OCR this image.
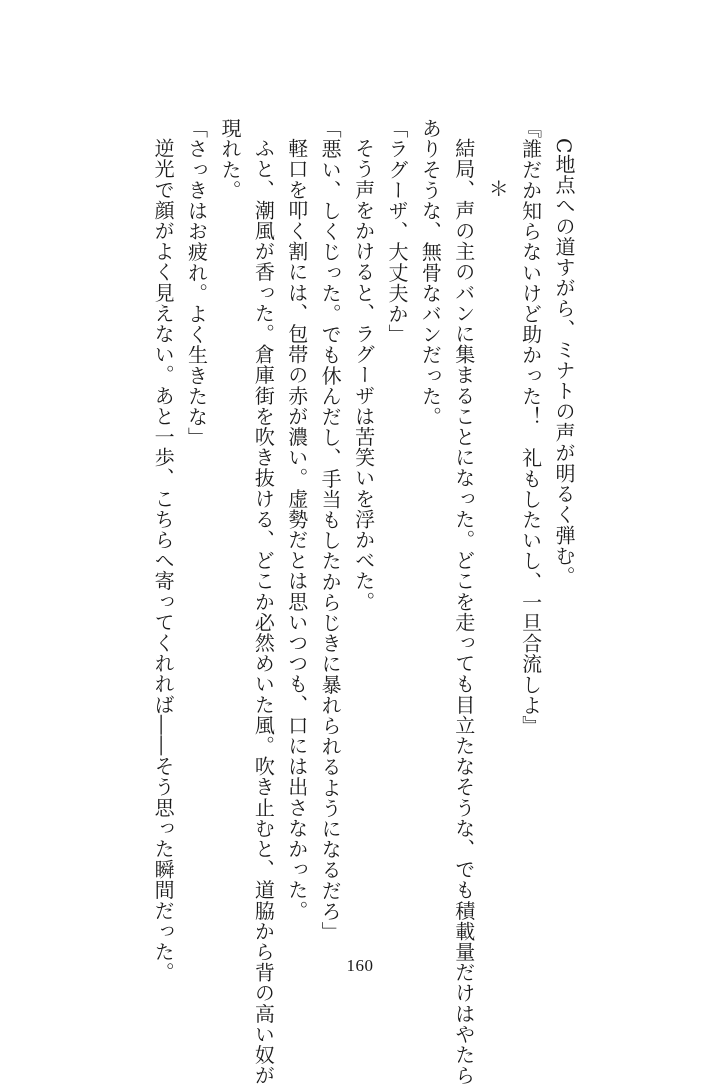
C地点への道すがら、ミナトの声が明るく弾む。
『誰だか知らないけど助かった！　礼もしたいし、一旦合流しよ』
＊
結局、声の主のバンに集まることになった。どこを走っても目立たなそうな、でも積載量だけはやたら
ありそうな、無骨なバンだった。
「ラグーザ、大丈夫か」
そう声をかけると、ラグーザは苦笑いを浮かべた。
「悪い、しくじった。でも休んだし、手当もしたからじきに暴れられるようになるだろ」
軽口を叩く割には、包帯の赤が濃い。虚勢だとは思いつつも、口には出さなかった。
ふと、潮風が香った。倉庫街を吹き抜ける、どこか必然めいた風。吹き止むと、道脇から背の高い奴が
現れた。
「さっきはお疲れ。よく生きたな」
逆光で顔がよく見えない。あと一歩、こちらへ寄ってくれれば――そう思った瞬間だった。	160
